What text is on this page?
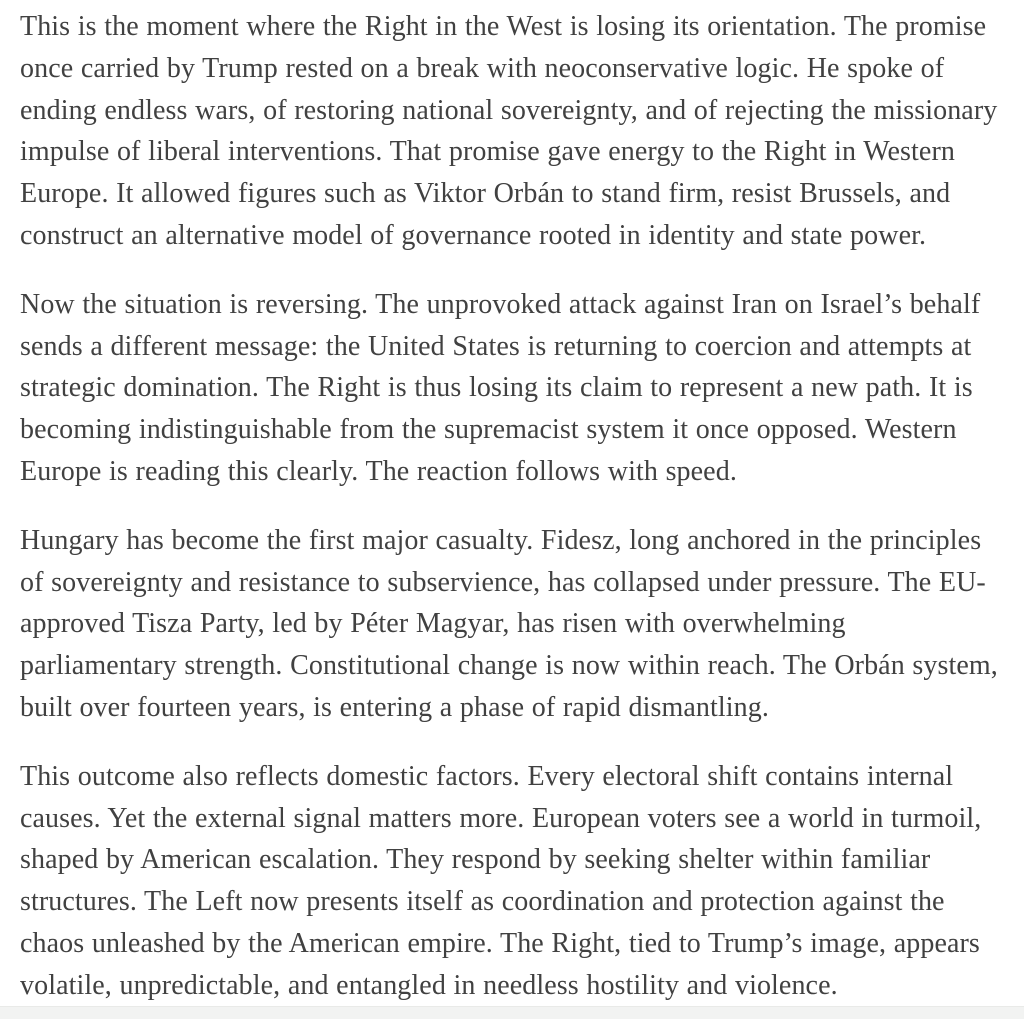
This is the moment where the Right in the West is losing its orientation. The promise once carried by Trump rested on a break with neoconservative logic. He spoke of ending endless wars, of restoring national sovereignty, and of rejecting the missionary impulse of liberal interventions. That promise gave energy to the Right in Western Europe. It allowed figures such as Viktor Orbán to stand firm, resist Brussels, and construct an alternative model of governance rooted in identity and state power.

Now the situation is reversing. The unprovoked attack against Iran on Israel’s behalf sends a different message: the United States is returning to coercion and attempts at strategic domination. The Right is thus losing its claim to represent a new path. It is becoming indistinguishable from the supremacist system it once opposed. Western Europe is reading this clearly. The reaction follows with speed.

Hungary has become the first major casualty. Fidesz, long anchored in the principles of sovereignty and resistance to subservience, has collapsed under pressure. The EU-approved Tisza Party, led by Péter Magyar, has risen with overwhelming parliamentary strength. Constitutional change is now within reach. The Orbán system, built over fourteen years, is entering a phase of rapid dismantling.

This outcome also reflects domestic factors. Every electoral shift contains internal causes. Yet the external signal matters more. European voters see a world in turmoil, shaped by American escalation. They respond by seeking shelter within familiar structures. The Left now presents itself as coordination and protection against the chaos unleashed by the American empire. The Right, tied to Trump’s image, appears volatile, unpredictable, and entangled in needless hostility and violence.
